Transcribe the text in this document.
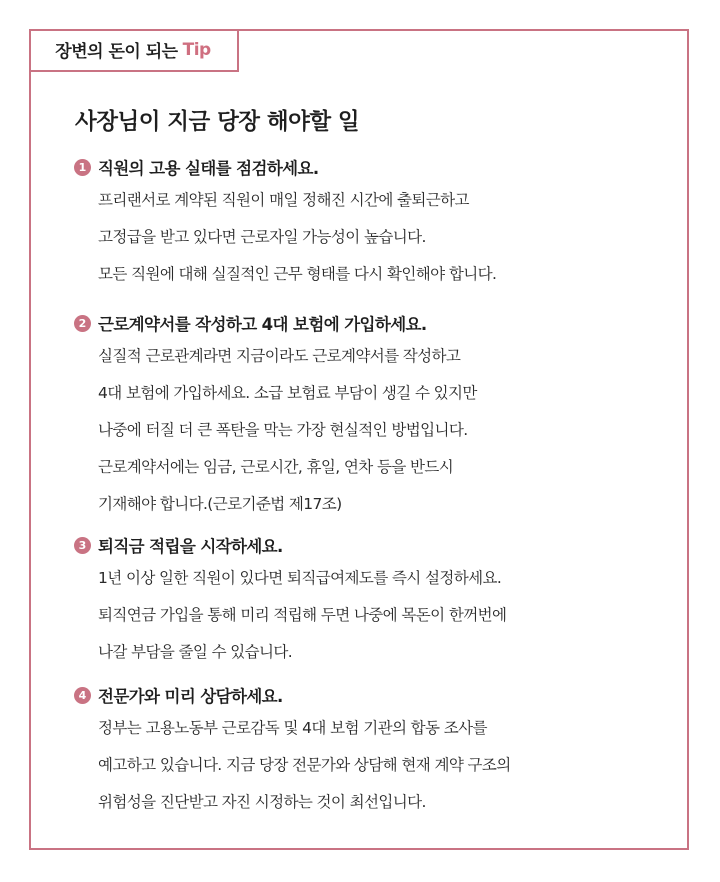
장변의 돈이 되는 Tip
사장님이 지금 당장 해야할 일
1 직원의 고용 실태를 점검하세요.
프리랜서로 계약된 직원이 매일 정해진 시간에 출퇴근하고
고정급을 받고 있다면 근로자일 가능성이 높습니다.
모든 직원에 대해 실질적인 근무 형태를 다시 확인해야 합니다.
2 근로계약서를 작성하고 4대 보험에 가입하세요.
실질적 근로관계라면 지금이라도 근로계약서를 작성하고
4대 보험에 가입하세요. 소급 보험료 부담이 생길 수 있지만
나중에 터질 더 큰 폭탄을 막는 가장 현실적인 방법입니다.
근로계약서에는 임금, 근로시간, 휴일, 연차 등을 반드시
기재해야 합니다.(근로기준법 제17조)
3 퇴직금 적립을 시작하세요.
1년 이상 일한 직원이 있다면 퇴직급여제도를 즉시 설정하세요.
퇴직연금 가입을 통해 미리 적립해 두면 나중에 목돈이 한꺼번에
나갈 부담을 줄일 수 있습니다.
4 전문가와 미리 상담하세요.
정부는 고용노동부 근로감독 및 4대 보험 기관의 합동 조사를
예고하고 있습니다. 지금 당장 전문가와 상담해 현재 계약 구조의
위험성을 진단받고 자진 시정하는 것이 최선입니다.
